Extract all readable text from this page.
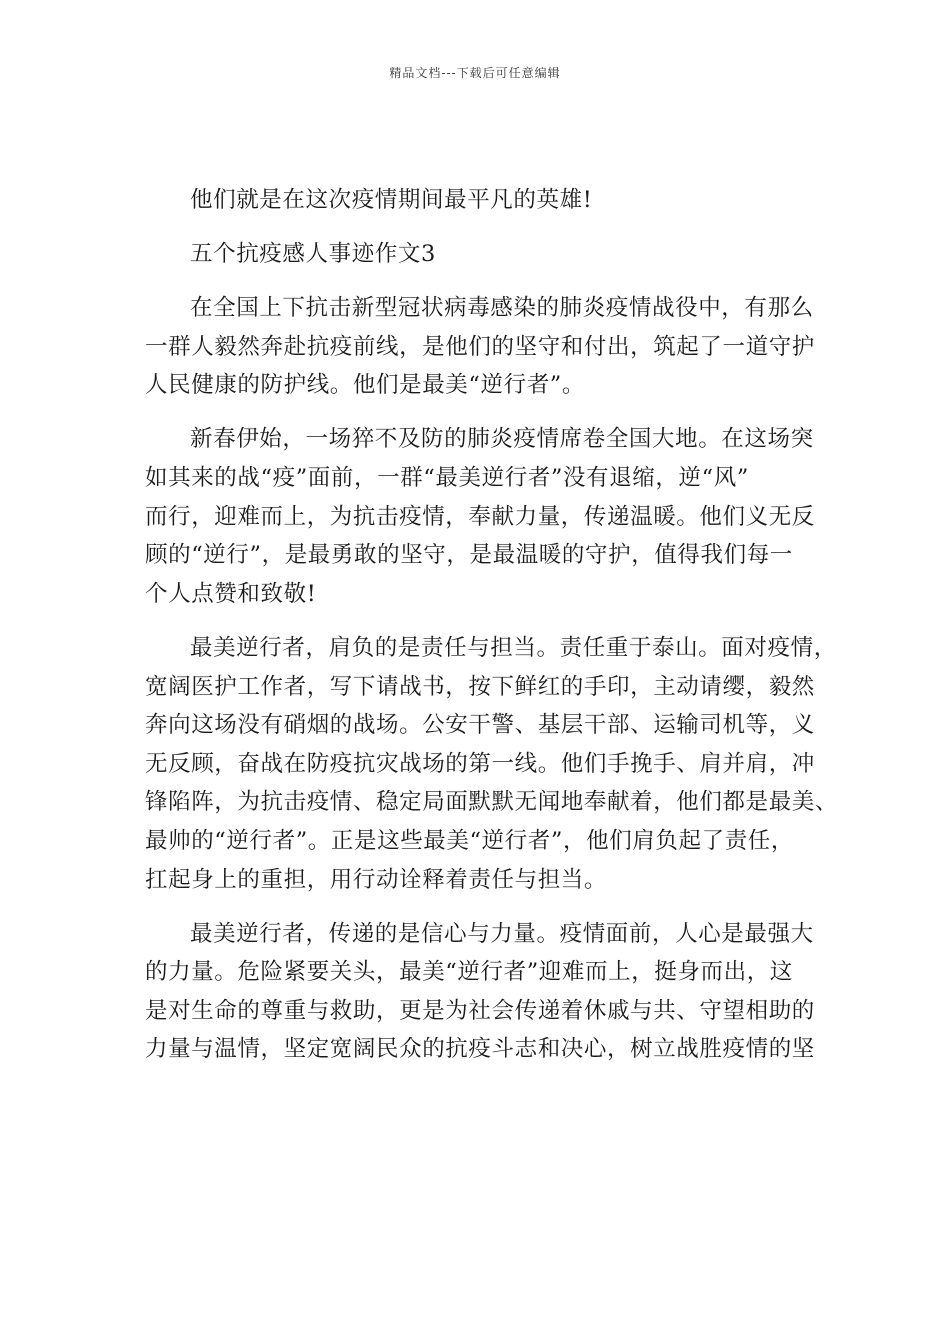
精品文档---下载后可任意编辑

他们就是在这次疫情期间最平凡的英雄!

五个抗疫感人事迹作文3

在全国上下抗击新型冠状病毒感染的肺炎疫情战役中，有那么

一群人毅然奔赴抗疫前线，是他们的坚守和付出，筑起了一道守护

人民健康的防护线。他们是最美“逆行者”。

新春伊始，一场猝不及防的肺炎疫情席卷全国大地。在这场突

如其来的战“疫”面前，一群“最美逆行者”没有退缩，逆“风”

而行，迎难而上，为抗击疫情，奉献力量，传递温暖。他们义无反

顾的“逆行”，是最勇敢的坚守，是最温暖的守护，值得我们每一

个人点赞和致敬!

最美逆行者，肩负的是责任与担当。责任重于泰山。面对疫情，

宽阔医护工作者，写下请战书，按下鲜红的手印，主动请缨，毅然

奔向这场没有硝烟的战场。公安干警、基层干部、运输司机等，义

无反顾，奋战在防疫抗灾战场的第一线。他们手挽手、肩并肩，冲

锋陷阵，为抗击疫情、稳定局面默默无闻地奉献着，他们都是最美、

最帅的“逆行者”。正是这些最美“逆行者”，他们肩负起了责任，

扛起身上的重担，用行动诠释着责任与担当。

最美逆行者，传递的是信心与力量。疫情面前，人心是最强大

的力量。危险紧要关头，最美“逆行者”迎难而上，挺身而出，这

是对生命的尊重与救助，更是为社会传递着休戚与共、守望相助的

力量与温情，坚定宽阔民众的抗疫斗志和决心，树立战胜疫情的坚
